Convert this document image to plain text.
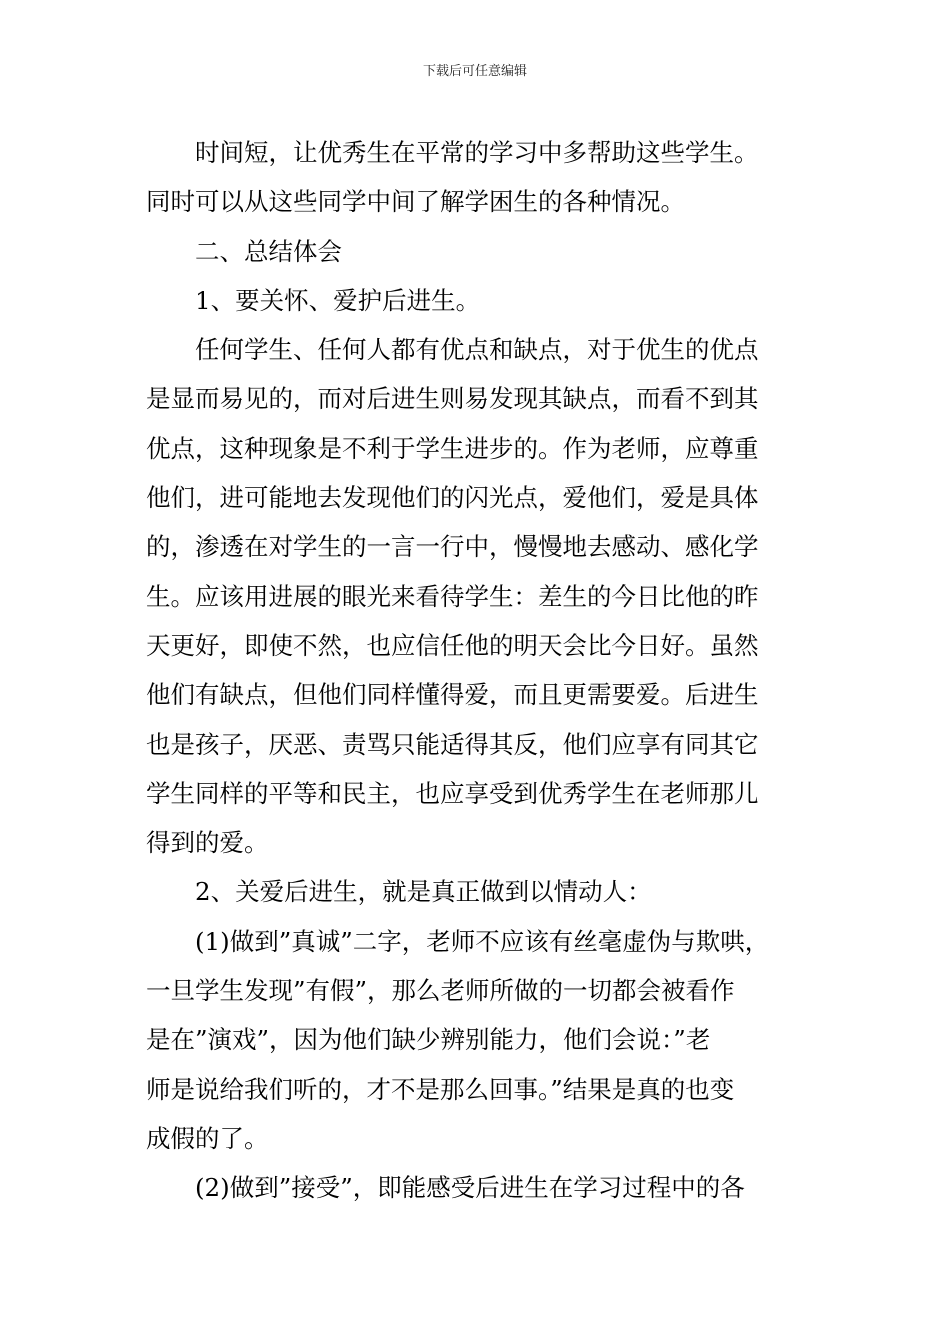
下载后可任意编辑
时间短，让优秀生在平常的学习中多帮助这些学生。
同时可以从这些同学中间了解学困生的各种情况。
二、总结体会
1、要关怀、爱护后进生。
任何学生、任何人都有优点和缺点，对于优生的优点
是显而易见的，而对后进生则易发现其缺点，而看不到其
优点，这种现象是不利于学生进步的。作为老师，应尊重
他们，进可能地去发现他们的闪光点，爱他们，爱是具体
的，渗透在对学生的一言一行中，慢慢地去感动、感化学
生。应该用进展的眼光来看待学生：差生的今日比他的昨
天更好，即使不然，也应信任他的明天会比今日好。虽然
他们有缺点，但他们同样懂得爱，而且更需要爱。后进生
也是孩子，厌恶、责骂只能适得其反，他们应享有同其它
学生同样的平等和民主，也应享受到优秀学生在老师那儿
得到的爱。
2、关爱后进生，就是真正做到以情动人：
(1)做到”真诚”二字，老师不应该有丝毫虚伪与欺哄，
一旦学生发现”有假”，那么老师所做的一切都会被看作
是在”演戏”，因为他们缺少辨别能力，他们会说：”老
师是说给我们听的，才不是那么回事。”结果是真的也变
成假的了。
(2)做到”接受”，即能感受后进生在学习过程中的各
